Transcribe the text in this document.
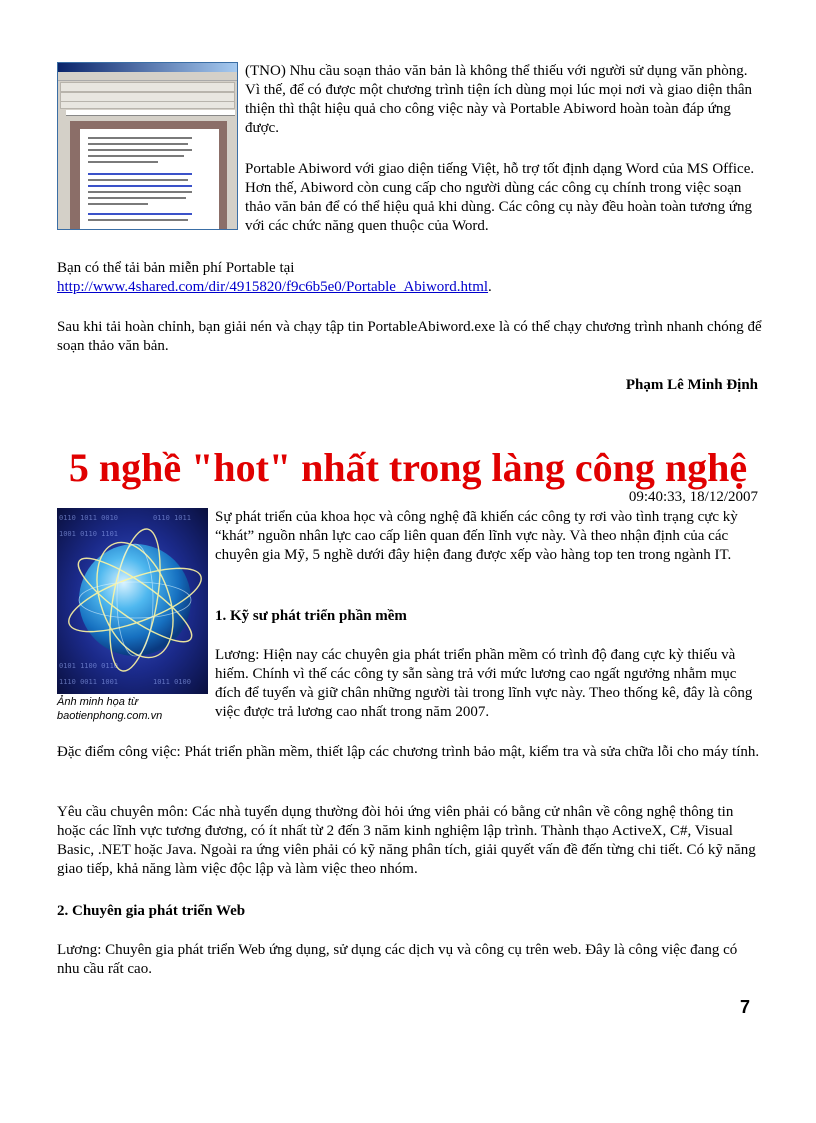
(TNO) Nhu cầu soạn thảo văn bản là không thể thiếu với người sử dụng văn phòng. Vì thế, để có được một chương trình tiện ích dùng mọi lúc mọi nơi và giao diện thân thiện thì thật hiệu quả cho công việc này và Portable Abiword hoàn toàn đáp ứng được.

Portable Abiword với giao diện tiếng Việt, hỗ trợ tốt định dạng Word của MS Office. Hơn thế, Abiword còn cung cấp cho người dùng các công cụ chính trong việc soạn thảo văn bản để có thể hiệu quả khi dùng. Các công cụ này đều hoàn toàn tương ứng với các chức năng quen thuộc của Word.

Bạn có thể tải bản miễn phí Portable tại
http://www.4shared.com/dir/4915820/f9c6b5e0/Portable_Abiword.html.

Sau khi tải hoàn chỉnh, bạn giải nén và chạy tập tin PortableAbiword.exe là có thể chạy chương trình nhanh chóng để soạn thảo văn bản.

Phạm Lê Minh Định

5 nghề "hot" nhất trong làng công nghệ

09:40:33, 18/12/2007

0110 1011 0010
1001 0110 1101
0101 1100 0110
1110 0011 1001
0110 1011
1011 0100
Ảnh minh họa từ
baotienphong.com.vn

Sự phát triển của khoa học và công nghệ đã khiến các công ty rơi vào tình trạng cực kỳ “khát” nguồn nhân lực cao cấp liên quan đến lĩnh vực này. Và theo nhận định của các chuyên gia Mỹ, 5 nghề dưới đây hiện đang được xếp vào hàng top ten trong ngành IT.

1. Kỹ sư phát triển phần mềm

Lương: Hiện nay các chuyên gia phát triển phần mềm có trình độ đang cực kỳ thiếu và hiếm. Chính vì thế các công ty sẵn sàng trả với mức lương cao ngất ngưởng nhằm mục đích để tuyển và giữ chân những người tài trong lĩnh vực này. Theo thống kê, đây là công việc được trả lương cao nhất trong năm 2007.

Đặc điểm công việc: Phát triển phần mềm, thiết lập các chương trình bảo mật, kiểm tra và sửa chữa lỗi cho máy tính.

Yêu cầu chuyên môn: Các nhà tuyển dụng thường đòi hỏi ứng viên phải có bằng cử nhân về công nghệ thông tin hoặc các lĩnh vực tương đương, có ít nhất từ 2 đến 3 năm kinh nghiệm lập trình. Thành thạo ActiveX, C#, Visual Basic, .NET hoặc Java. Ngoài ra ứng viên phải có kỹ năng phân tích, giải quyết vấn đề đến từng chi tiết. Có kỹ năng giao tiếp, khả năng làm việc độc lập và làm việc theo nhóm.

2. Chuyên gia phát triển Web

Lương: Chuyên gia phát triển Web ứng dụng, sử dụng các dịch vụ và công cụ trên web. Đây là công việc đang có nhu cầu rất cao.

7
